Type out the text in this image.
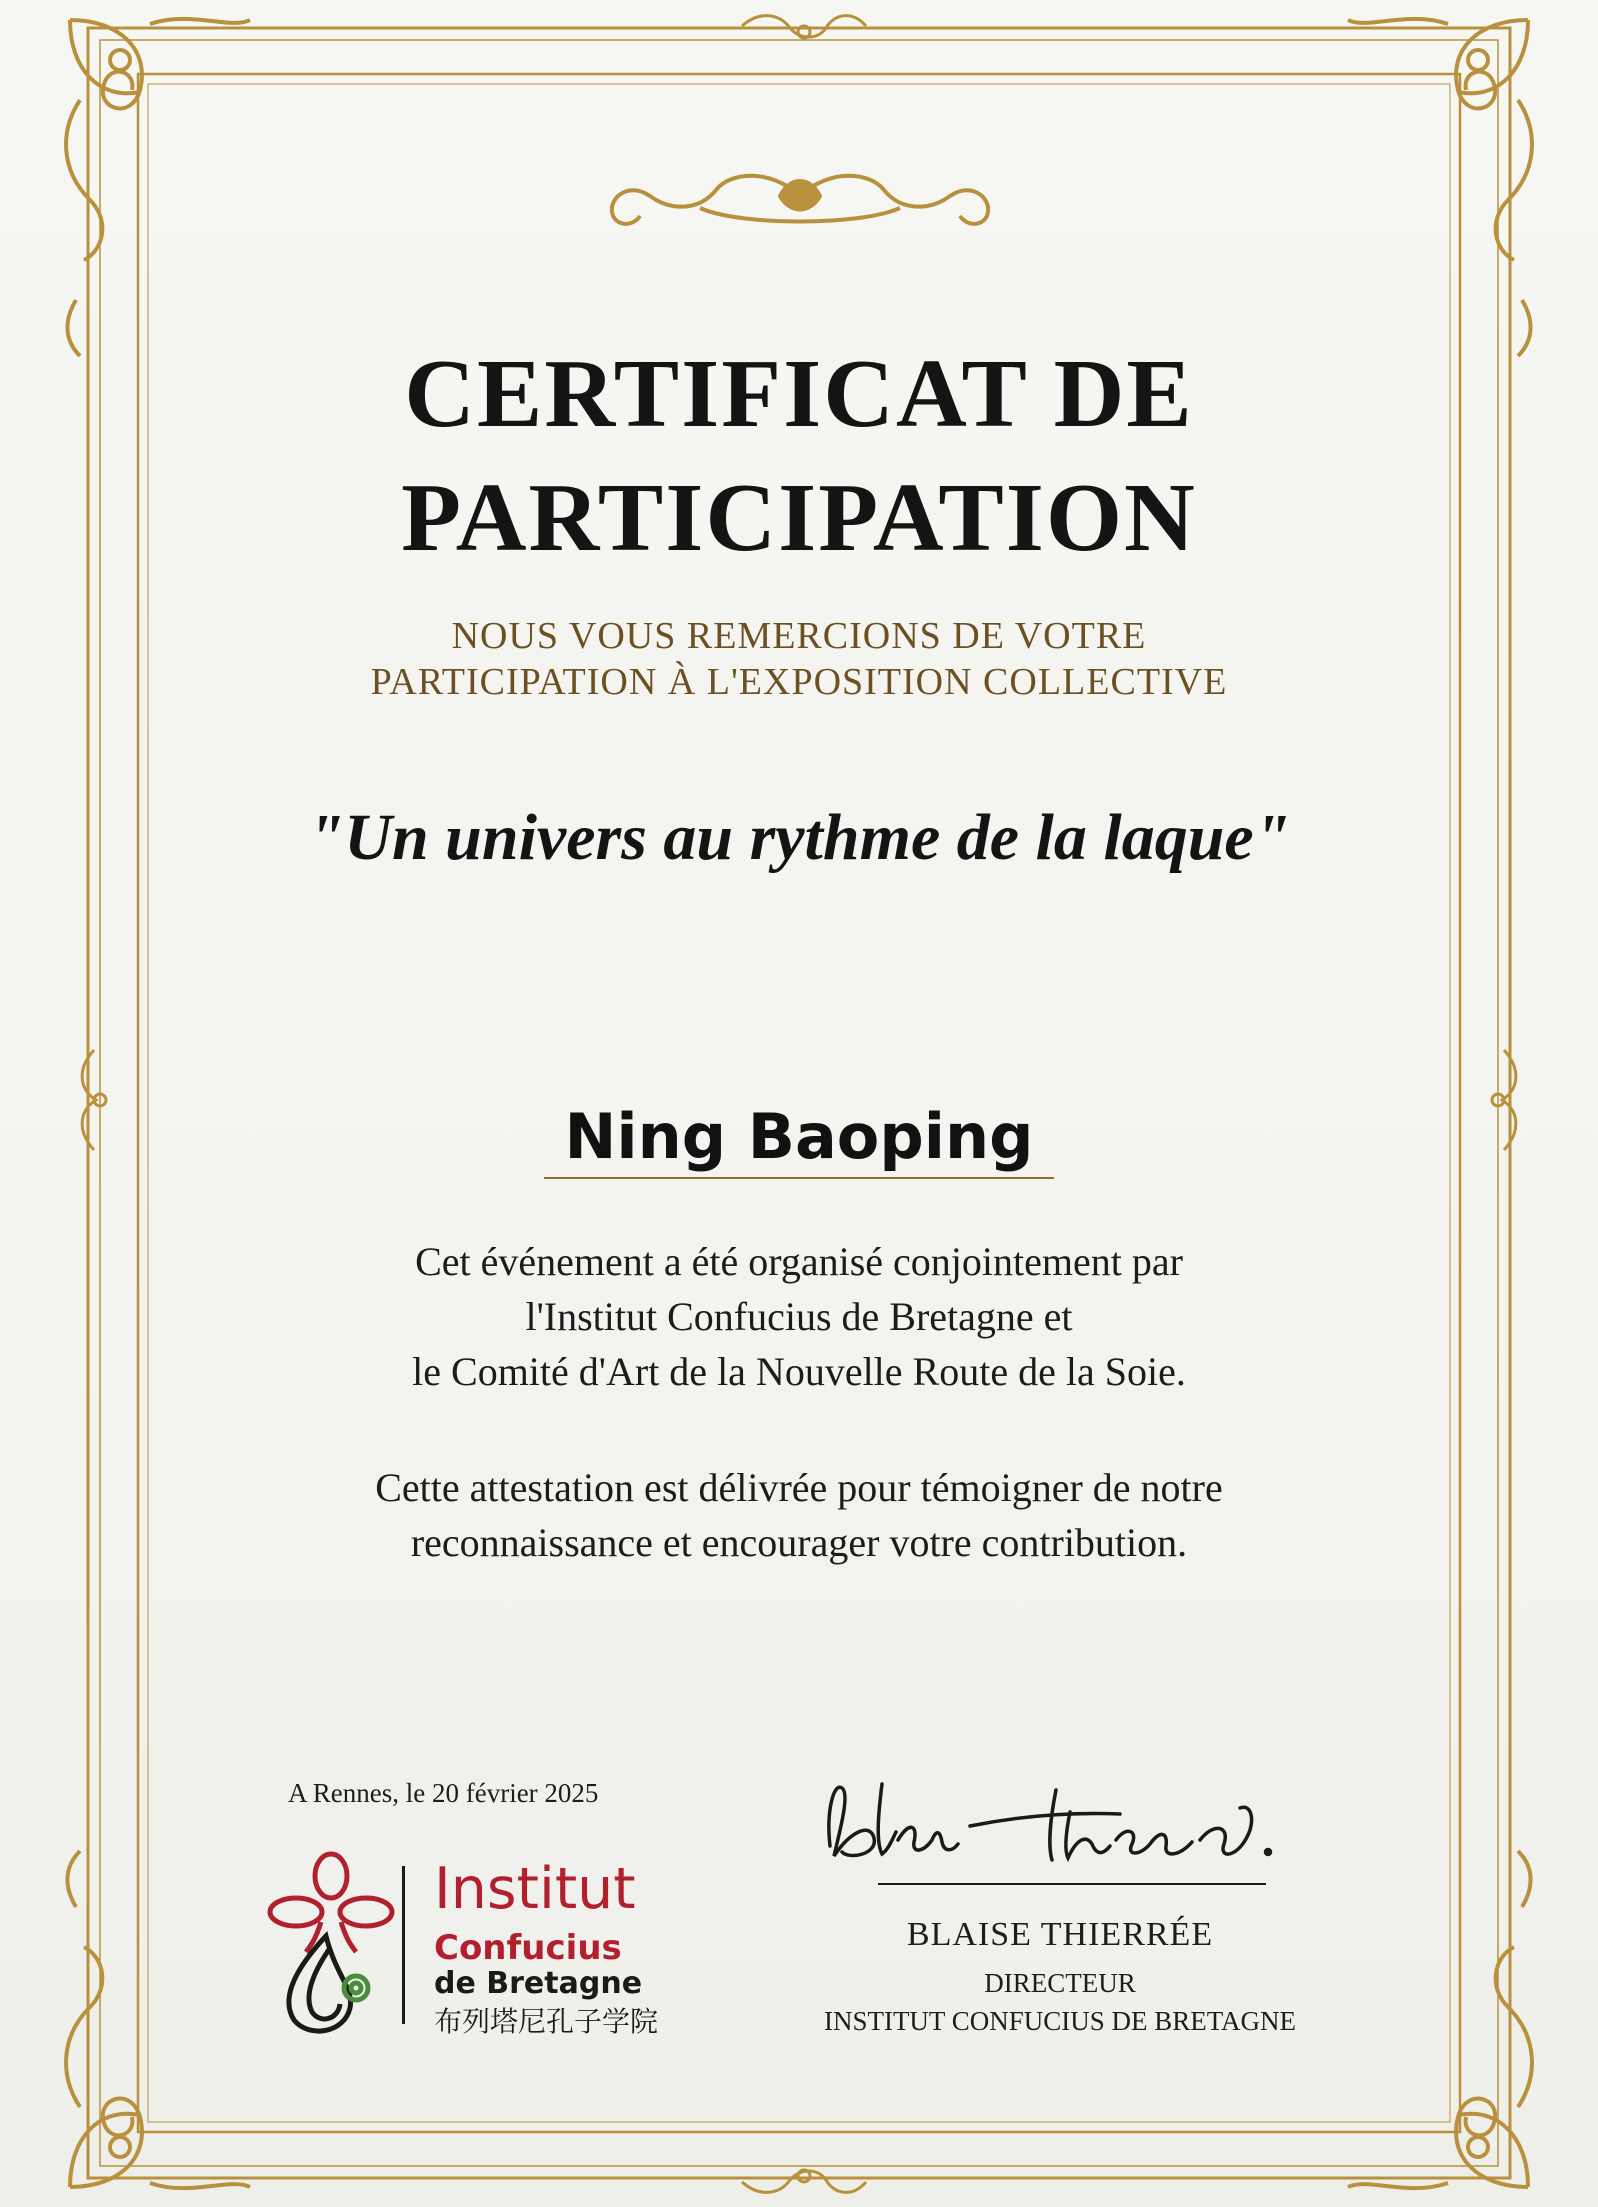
CERTIFICAT DE
PARTICIPATION
NOUS VOUS REMERCIONS DE VOTRE
PARTICIPATION À L'EXPOSITION COLLECTIVE
"Un univers au rythme de la laque"
Ning Baoping
Cet événement a été organisé conjointement par
l'Institut Confucius de Bretagne et
le Comité d'Art de la Nouvelle Route de la Soie.
Cette attestation est délivrée pour témoigner de notre
reconnaissance et encourager votre contribution.
A Rennes, le 20 février 2025
Institut
Confucius
de Bretagne
布列塔尼孔子学院
BLAISE THIERRÉE
DIRECTEUR
INSTITUT CONFUCIUS DE BRETAGNE
